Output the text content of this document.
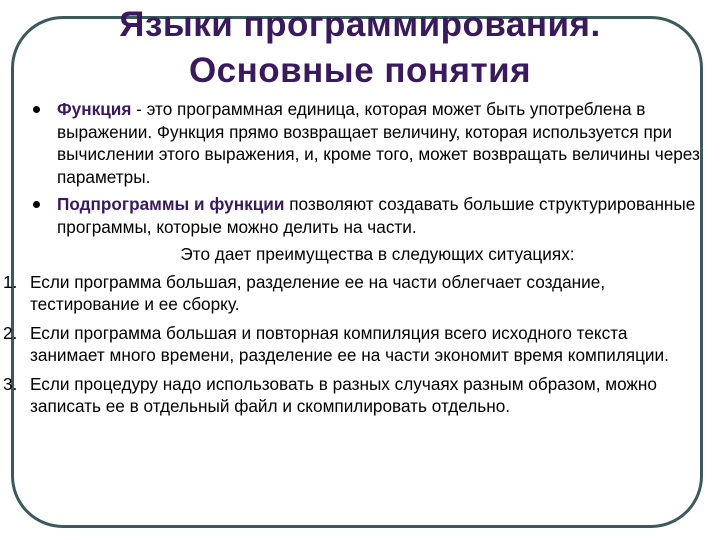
Языки программирования.
Основные понятия
Функция - это программная единица, которая может быть употреблена в выражении. Функция прямо возвращает величину, которая используется при вычислении этого выражения, и, кроме того, может возвращать величины через параметры.
Подпрограммы и функции позволяют создавать большие структурированные программы, которые можно делить на части.
Это дает преимущества в следующих ситуациях:
1. Если программа большая, разделение ее на части облегчает создание, тестирование и ее сборку.
2. Если программа большая и повторная компиляция всего исходного текста занимает много времени, разделение ее на части экономит время компиляции.
3. Если процедуру надо использовать в разных случаях разным образом, можно записать ее в отдельный файл и скомпилировать отдельно.
